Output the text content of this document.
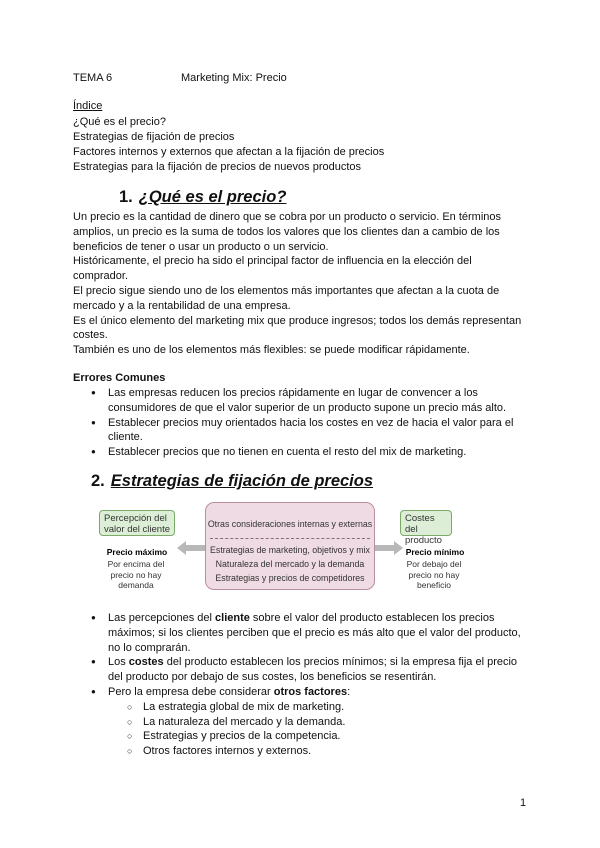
TEMA 6	Marketing Mix: Precio
Índice
¿Qué es el precio?
Estrategias de fijación de precios
Factores internos y externos que afectan a la fijación de precios
Estrategias para la fijación de precios de nuevos productos
1. ¿Qué es el precio?

Un precio es la cantidad de dinero que se cobra por un producto o servicio. En términos amplios, un precio es la suma de todos los valores que los clientes dan a cambio de los beneficios de tener o usar un producto o un servicio.

Históricamente, el precio ha sido el principal factor de influencia en la elección del comprador.

El precio sigue siendo uno de los elementos más importantes que afectan a la cuota de mercado y a la rentabilidad de una empresa.

Es el único elemento del marketing mix que produce ingresos; todos los demás representan costes.

También es uno de los elementos más flexibles: se puede modificar rápidamente.

Errores Comunes
● Las empresas reducen los precios rápidamente en lugar de convencer a los consumidores de que el valor superior de un producto supone un precio más alto.
● Establecer precios muy orientados hacia los costes en vez de hacia el valor para el cliente.
● Establecer precios que no tienen en cuenta el resto del mix de marketing.
2. Estrategias de fijación de precios
Percepción del valor del cliente
Precio máximo
Por encima del precio no hay demanda
Otras consideraciones internas y externas
Estrategias de marketing, objetivos y mix
Naturaleza del mercado y la demanda
Estrategias y precios de competidores
Costes del producto
Precio mínimo
Por debajo del precio no hay beneficio
● Las percepciones del cliente sobre el valor del producto establecen los precios máximos; si los clientes perciben que el precio es más alto que el valor del producto, no lo comprarán.
● Los costes del producto establecen los precios mínimos; si la empresa fija el precio del producto por debajo de sus costes, los beneficios se resentirán.
● Pero la empresa debe considerar otros factores:
○ La estrategia global de mix de marketing.
○ La naturaleza del mercado y la demanda.
○ Estrategias y precios de la competencia.
○ Otros factores internos y externos.
1
